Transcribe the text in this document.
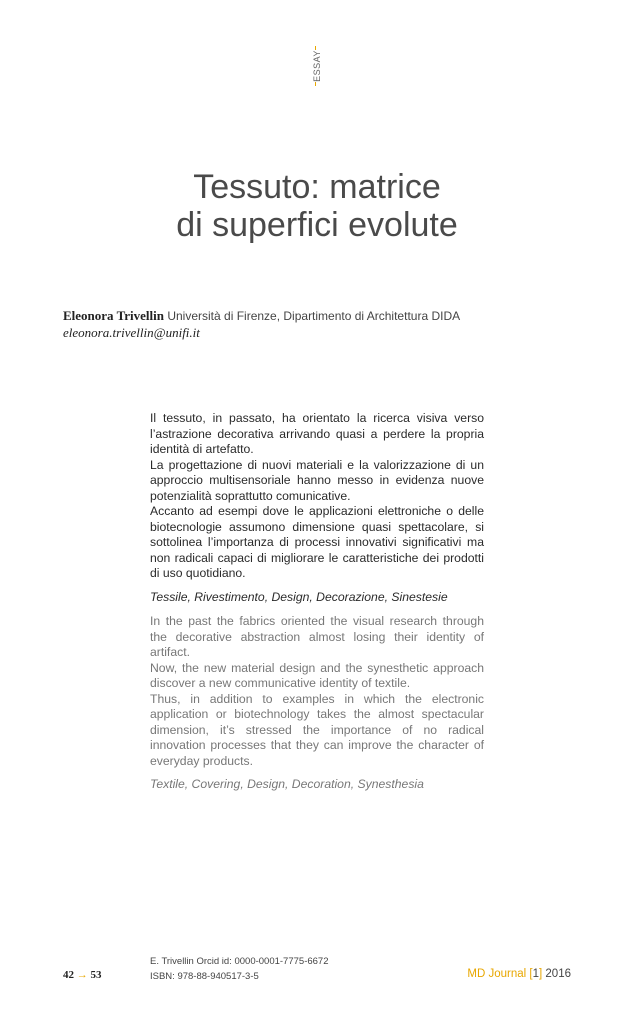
ESSAY
Tessuto: matrice
di superfici evolute
Eleonora Trivellin Università di Firenze, Dipartimento di Architettura DIDA
eleonora.trivellin@unifi.it

Il tessuto, in passato, ha orientato la ricerca visiva verso l’astrazione decorativa arrivando quasi a perdere la propria identità di artefatto.

La progettazione di nuovi materiali e la valorizzazione di un approccio multisensoriale hanno messo in evidenza nuove potenzialità soprattutto comunicative.

Accanto ad esempi dove le applicazioni elettroniche o delle biotecnologie assumono dimensione quasi spettacolare, si sottolinea l’importanza di processi innovativi significativi ma non radicali capaci di migliorare le caratteristiche dei prodotti di uso quotidiano.

Tessile, Rivestimento, Design, Decorazione, Sinestesie

In the past the fabrics oriented the visual research through the decorative abstraction almost losing their identity of artifact.

Now, the new material design and the synesthetic approach discover a new communicative identity of textile.

Thus, in addition to examples in which the electronic application or biotechnology takes the almost spectacular dimension, it’s stressed the importance of no radical innovation processes that they can improve the character of everyday products.

Textile, Covering, Design, Decoration, Synesthesia

42 → 53
E. Trivellin Orcid id: 0000-0001-7775-6672
ISBN: 978-88-940517-3-5	MD Journal [1] 2016
